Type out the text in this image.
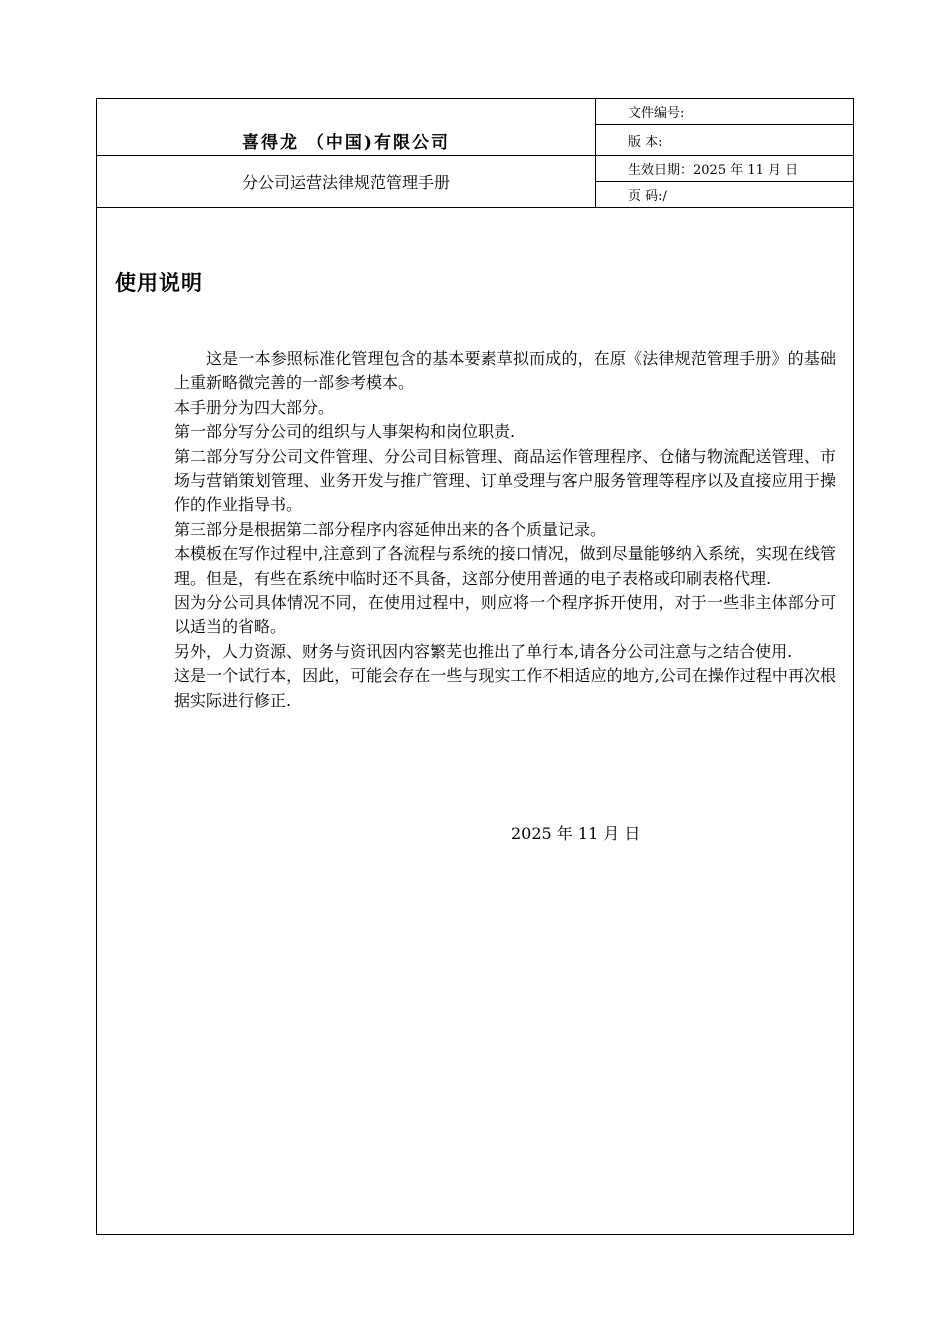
喜得龙 （中国)有限公司
分公司运营法律规范管理手册
文件编号:
版 本:
生效日期：2025 年 11 月 日
页 码:/
使用说明

这是一本参照标准化管理包含的基本要素草拟而成的，在原《法律规范管理手册》的基础上重新略微完善的一部参考模本。

本手册分为四大部分。

第一部分写分公司的组织与人事架构和岗位职责.

第二部分写分公司文件管理、分公司目标管理、商品运作管理程序、仓储与物流配送管理、市场与营销策划管理、业务开发与推广管理、订单受理与客户服务管理等程序以及直接应用于操作的作业指导书。

第三部分是根据第二部分程序内容延伸出来的各个质量记录。

本模板在写作过程中,注意到了各流程与系统的接口情况，做到尽量能够纳入系统，实现在线管理。但是，有些在系统中临时还不具备，这部分使用普通的电子表格或印刷表格代理.

因为分公司具体情况不同，在使用过程中，则应将一个程序拆开使用，对于一些非主体部分可以适当的省略。

另外，人力资源、财务与资讯因内容繁芜也推出了单行本,请各分公司注意与之结合使用.

这是一个试行本，因此，可能会存在一些与现实工作不相适应的地方,公司在操作过程中再次根据实际进行修正.

2025 年 11 月 日
